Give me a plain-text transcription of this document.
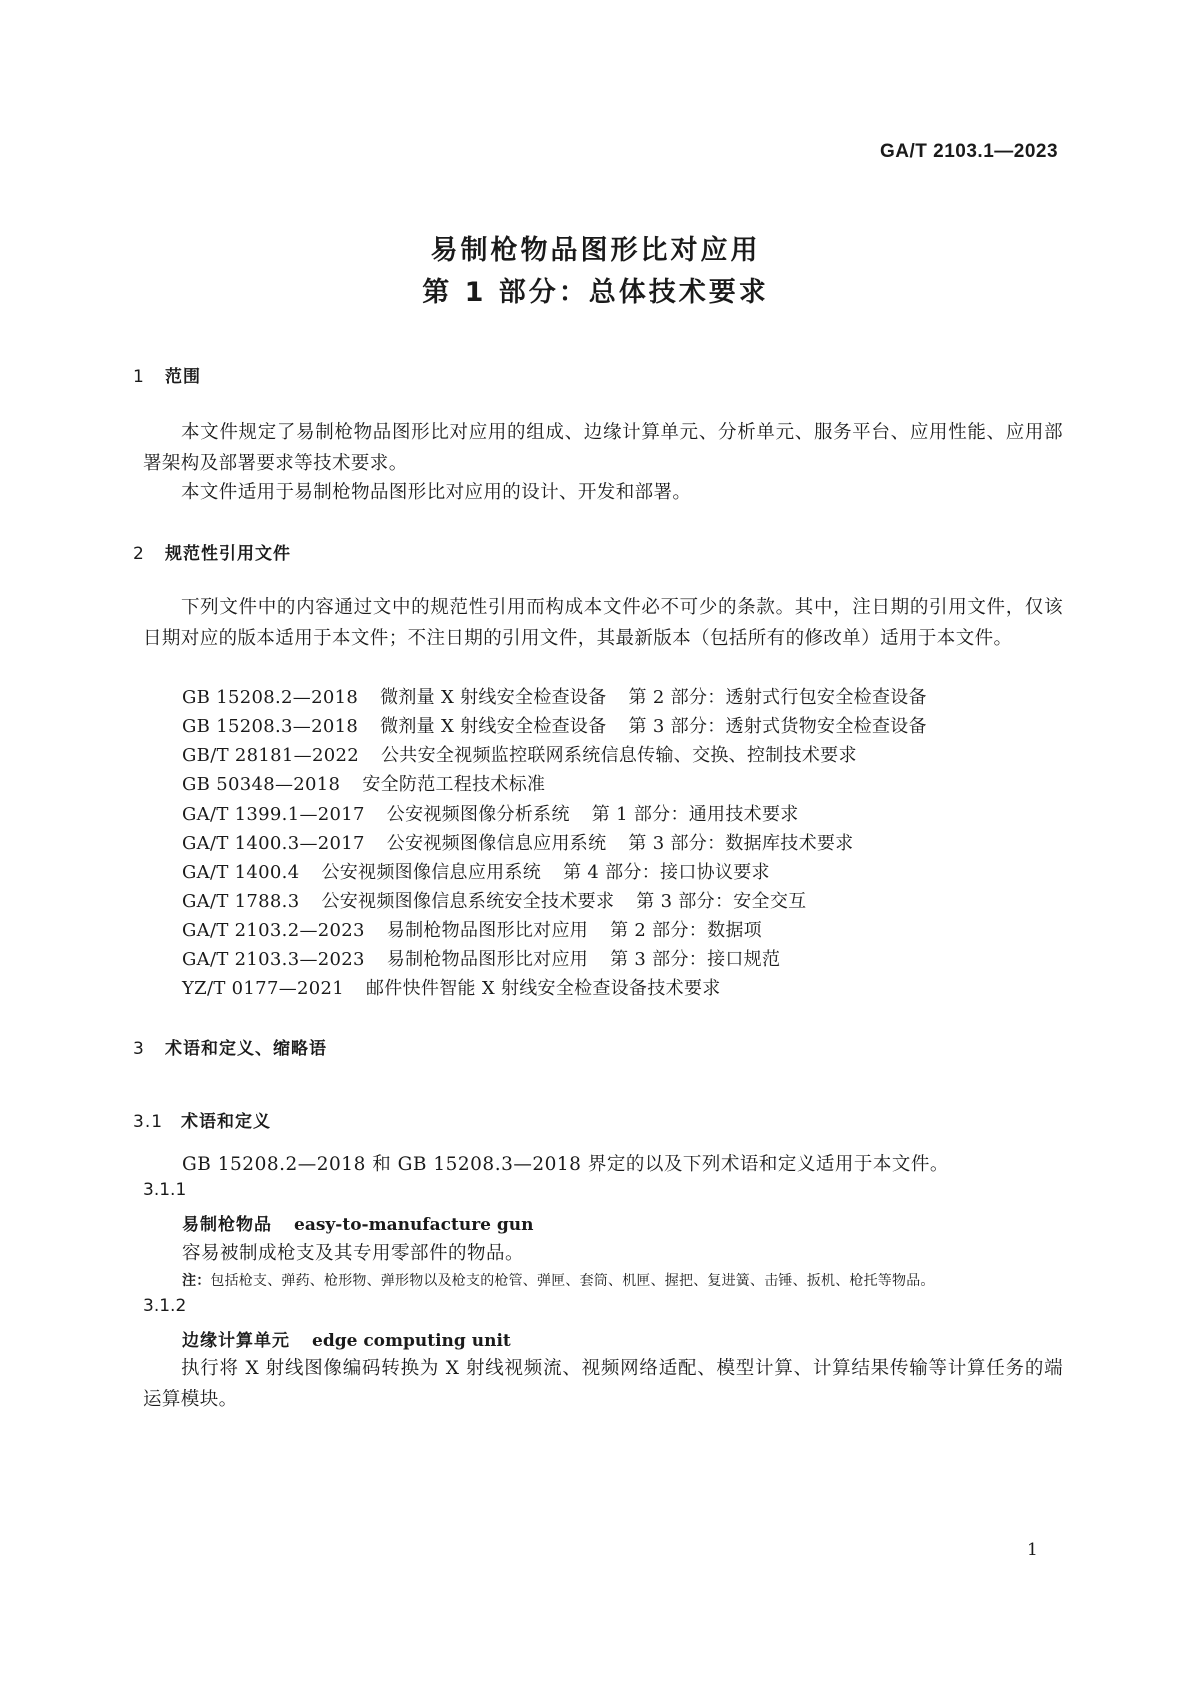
GA/T 2103.1—2023
易制枪物品图形比对应用
第 1 部分：总体技术要求
1 范围
本文件规定了易制枪物品图形比对应用的组成、边缘计算单元、分析单元、服务平台、应用性能、应用部署架构及部署要求等技术要求。
本文件适用于易制枪物品图形比对应用的设计、开发和部署。
2 规范性引用文件
下列文件中的内容通过文中的规范性引用而构成本文件必不可少的条款。其中，注日期的引用文件，仅该日期对应的版本适用于本文件；不注日期的引用文件，其最新版本（包括所有的修改单）适用于本文件。
GB 15208.2—2018 微剂量 X 射线安全检查设备 第 2 部分：透射式行包安全检查设备
GB 15208.3—2018 微剂量 X 射线安全检查设备 第 3 部分：透射式货物安全检查设备
GB/T 28181—2022 公共安全视频监控联网系统信息传输、交换、控制技术要求
GB 50348—2018 安全防范工程技术标准
GA/T 1399.1—2017 公安视频图像分析系统 第 1 部分：通用技术要求
GA/T 1400.3—2017 公安视频图像信息应用系统 第 3 部分：数据库技术要求
GA/T 1400.4 公安视频图像信息应用系统 第 4 部分：接口协议要求
GA/T 1788.3 公安视频图像信息系统安全技术要求 第 3 部分：安全交互
GA/T 2103.2—2023 易制枪物品图形比对应用 第 2 部分：数据项
GA/T 2103.3—2023 易制枪物品图形比对应用 第 3 部分：接口规范
YZ/T 0177—2021 邮件快件智能 X 射线安全检查设备技术要求
3 术语和定义、缩略语
3.1 术语和定义
GB 15208.2—2018 和 GB 15208.3—2018 界定的以及下列术语和定义适用于本文件。
3.1.1
易制枪物品 easy-to-manufacture gun
容易被制成枪支及其专用零部件的物品。
注：包括枪支、弹药、枪形物、弹形物以及枪支的枪管、弹匣、套筒、机匣、握把、复进簧、击锤、扳机、枪托等物品。
3.1.2
边缘计算单元 edge computing unit
执行将 X 射线图像编码转换为 X 射线视频流、视频网络适配、模型计算、计算结果传输等计算任务的端运算模块。
1
